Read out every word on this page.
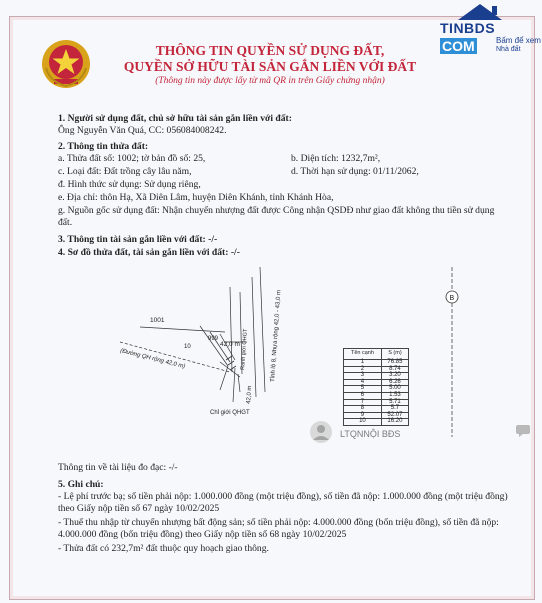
THÔNG TIN QUYỀN SỬ DỤNG ĐẤT,
QUYỀN SỞ HỮU TÀI SẢN GẮN LIỀN VỚI ĐẤT
(Thông tin này được lấy từ mã QR in trên Giấy chứng nhận)
TINBDS
COM	Bấm để xem
Nhà đất
1. Người sử dụng đất, chủ sở hữu tài sản gắn liền với đất:
Ông Nguyễn Văn Quá, CC: 056084008242.
2. Thông tin thửa đất:
a. Thửa đất số: 1002; tờ bản đồ số: 25,	b. Diện tích: 1232,7m²,
c. Loại đất: Đất trồng cây lâu năm,	d. Thời hạn sử dụng: 01/11/2062,
đ. Hình thức sử dụng: Sử dụng riêng,
e. Địa chỉ: thôn Hạ, Xã Diên Lâm, huyện Diên Khánh, tỉnh Khánh Hòa,
g. Nguồn gốc sử dụng đất: Nhận chuyển nhượng đất được Công nhận QSDĐ như giao đất không thu tiền sử dụng đất.
3. Thông tin tài sản gắn liền với đất: -/-
4. Sơ đồ thửa đất, tài sản gắn liền với đất: -/-
B
1001
999
10	42,0 m
(Đường QH rộng 42,0 m)	Ranh giới QHGT	Tỉnh lộ 8, Nhựa rộng 42,0 - 43,0 m
42,0 m
Chỉ giới QHGT
Tên cạnh	S (m)
1	76.85
2	8.74
3	3.20
4	6.26
5	5.00
6	1.53
7	5.71
8	5.7
9	52.07
10	16.20
LTQNNỘI BĐS
Thông tin về tài liệu đo đạc: -/-
5. Ghi chú:
- Lệ phí trước bạ; số tiền phải nộp: 1.000.000 đồng (một triệu đồng), số tiền đã nộp: 1.000.000 đồng (một triệu đồng) theo Giấy nộp tiền số 67 ngày 10/02/2025
- Thuế thu nhập từ chuyển nhượng bất động sản; số tiền phải nộp: 4.000.000 đồng (bốn triệu đồng), số tiền đã nộp: 4.000.000 đồng (bốn triệu đồng) theo Giấy nộp tiền số 68 ngày 10/02/2025
- Thửa đất có 232,7m² đất thuộc quy hoạch giao thông.
